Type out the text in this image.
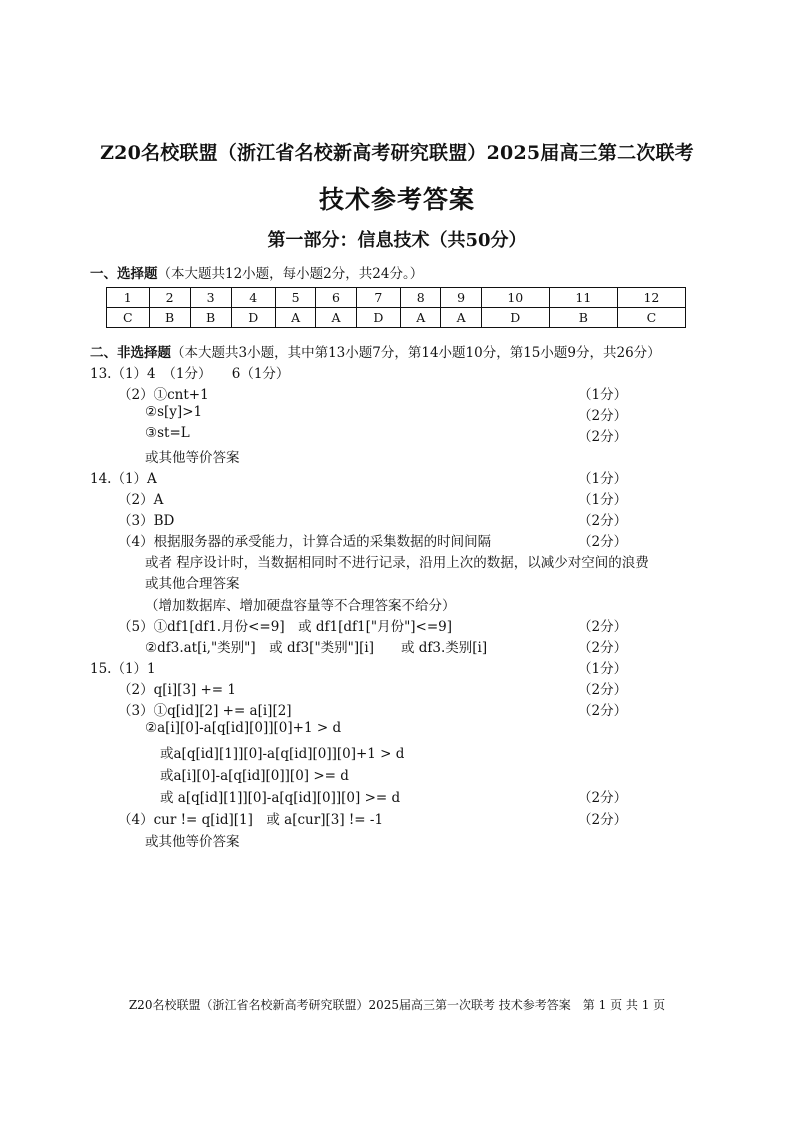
Z20名校联盟（浙江省名校新高考研究联盟）2025届高三第二次联考
技术参考答案
第一部分：信息技术（共50分）
一、选择题（本大题共12小题，每小题2分，共24分。）
1	2	3	4	5	6	7	8	9	10	11	12
C	B	B	D	A	A	D	A	A	D	B	C
二、非选择题（本大题共3小题，其中第13小题7分，第14小题10分，第15小题9分，共26分）
13.（1）4　（1分）　　6（1分）
（2）①cnt+1	（1分）
②s[y]>1	（2分）
③st=L	（2分）
或其他等价答案
14.（1）A	（1分）
（2）A	（1分）
（3）BD	（2分）
（4）根据服务器的承受能力，计算合适的采集数据的时间间隔	（2分）
或者 程序设计时，当数据相同时不进行记录，沿用上次的数据，以减少对空间的浪费
或其他合理答案
（增加数据库、增加硬盘容量等不合理答案不给分）
（5）①df1[df1.月份<=9]　或 df1[df1["月份"]<=9]	（2分）
②df3.at[i,"类别"]　或 df3["类别"][i]　　或 df3.类别[i]	（2分）
15.（1）1	（1分）
（2）q[i][3] += 1	（2分）
（3）①q[id][2] += a[i][2]	（2分）
②a[i][0]-a[q[id][0]][0]+1 > d
或a[q[id][1]][0]-a[q[id][0]][0]+1 > d
或a[i][0]-a[q[id][0]][0] >= d
或 a[q[id][1]][0]-a[q[id][0]][0] >= d	（2分）
（4）cur != q[id][1]　或 a[cur][3] != -1	（2分）
或其他等价答案
Z20名校联盟（浙江省名校新高考研究联盟）2025届高三第一次联考 技术参考答案　第 1 页 共 1 页
